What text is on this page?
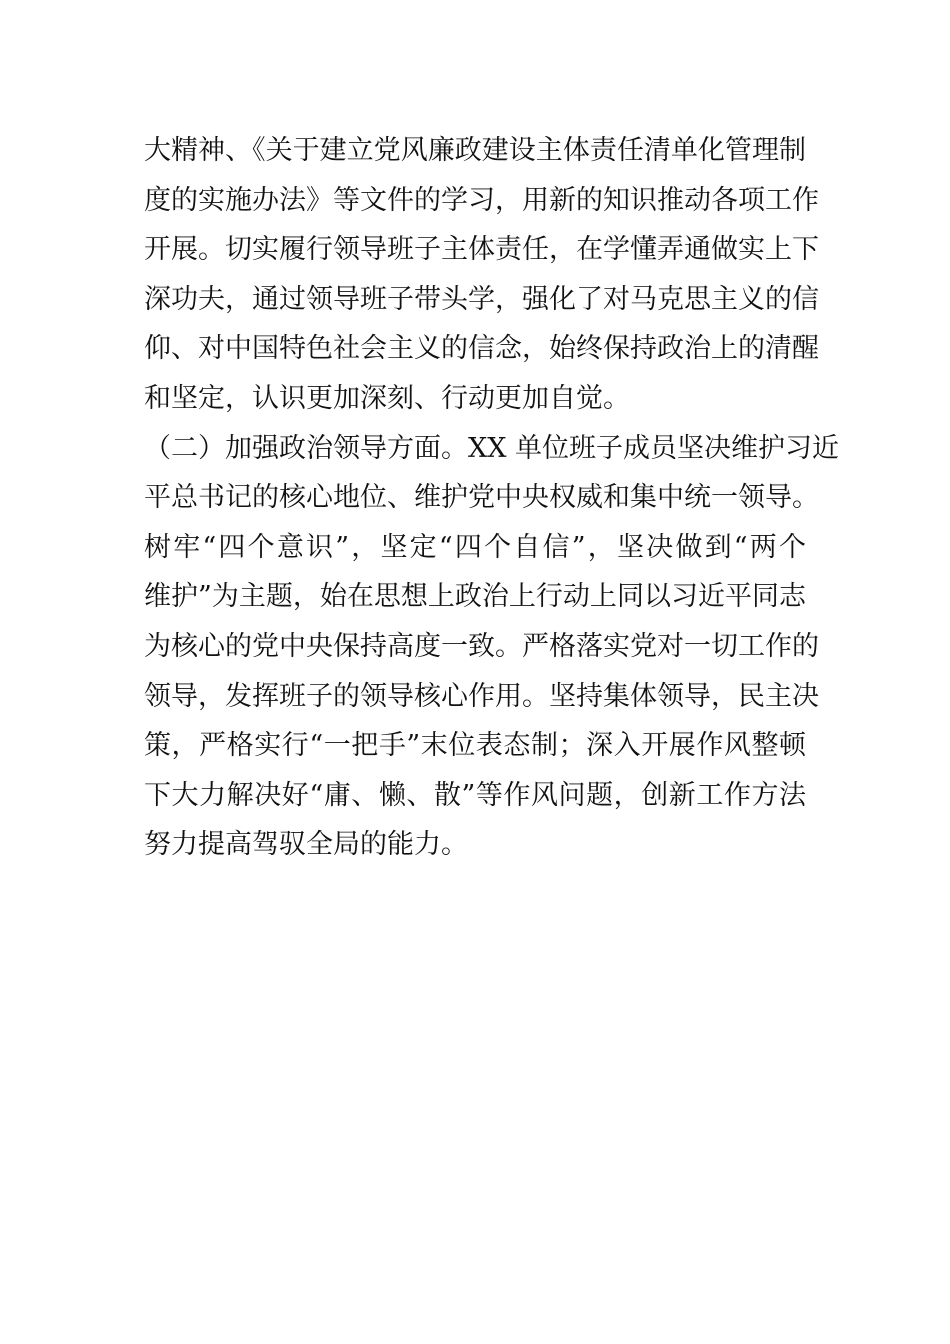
大精神、《关于建立党风廉政建设主体责任清单化管理制
度的实施办法》等文件的学习，用新的知识推动各项工作
开展。切实履行领导班子主体责任，在学懂弄通做实上下
深功夫，通过领导班子带头学，强化了对马克思主义的信
仰、对中国特色社会主义的信念，始终保持政治上的清醒
和坚定，认识更加深刻、行动更加自觉。
（二）加强政治领导方面。XX 单位班子成员坚决维护习近
平总书记的核心地位、维护党中央权威和集中统一领导。
树牢“四个意识”，坚定“四个自信”，坚决做到“两个
维护”为主题，始在思想上政治上行动上同以习近平同志
为核心的党中央保持高度一致。严格落实党对一切工作的
领导，发挥班子的领导核心作用。坚持集体领导，民主决
策，严格实行“一把手”末位表态制；深入开展作风整顿
下大力解决好“庸、懒、散”等作风问题，创新工作方法
努力提高驾驭全局的能力。
